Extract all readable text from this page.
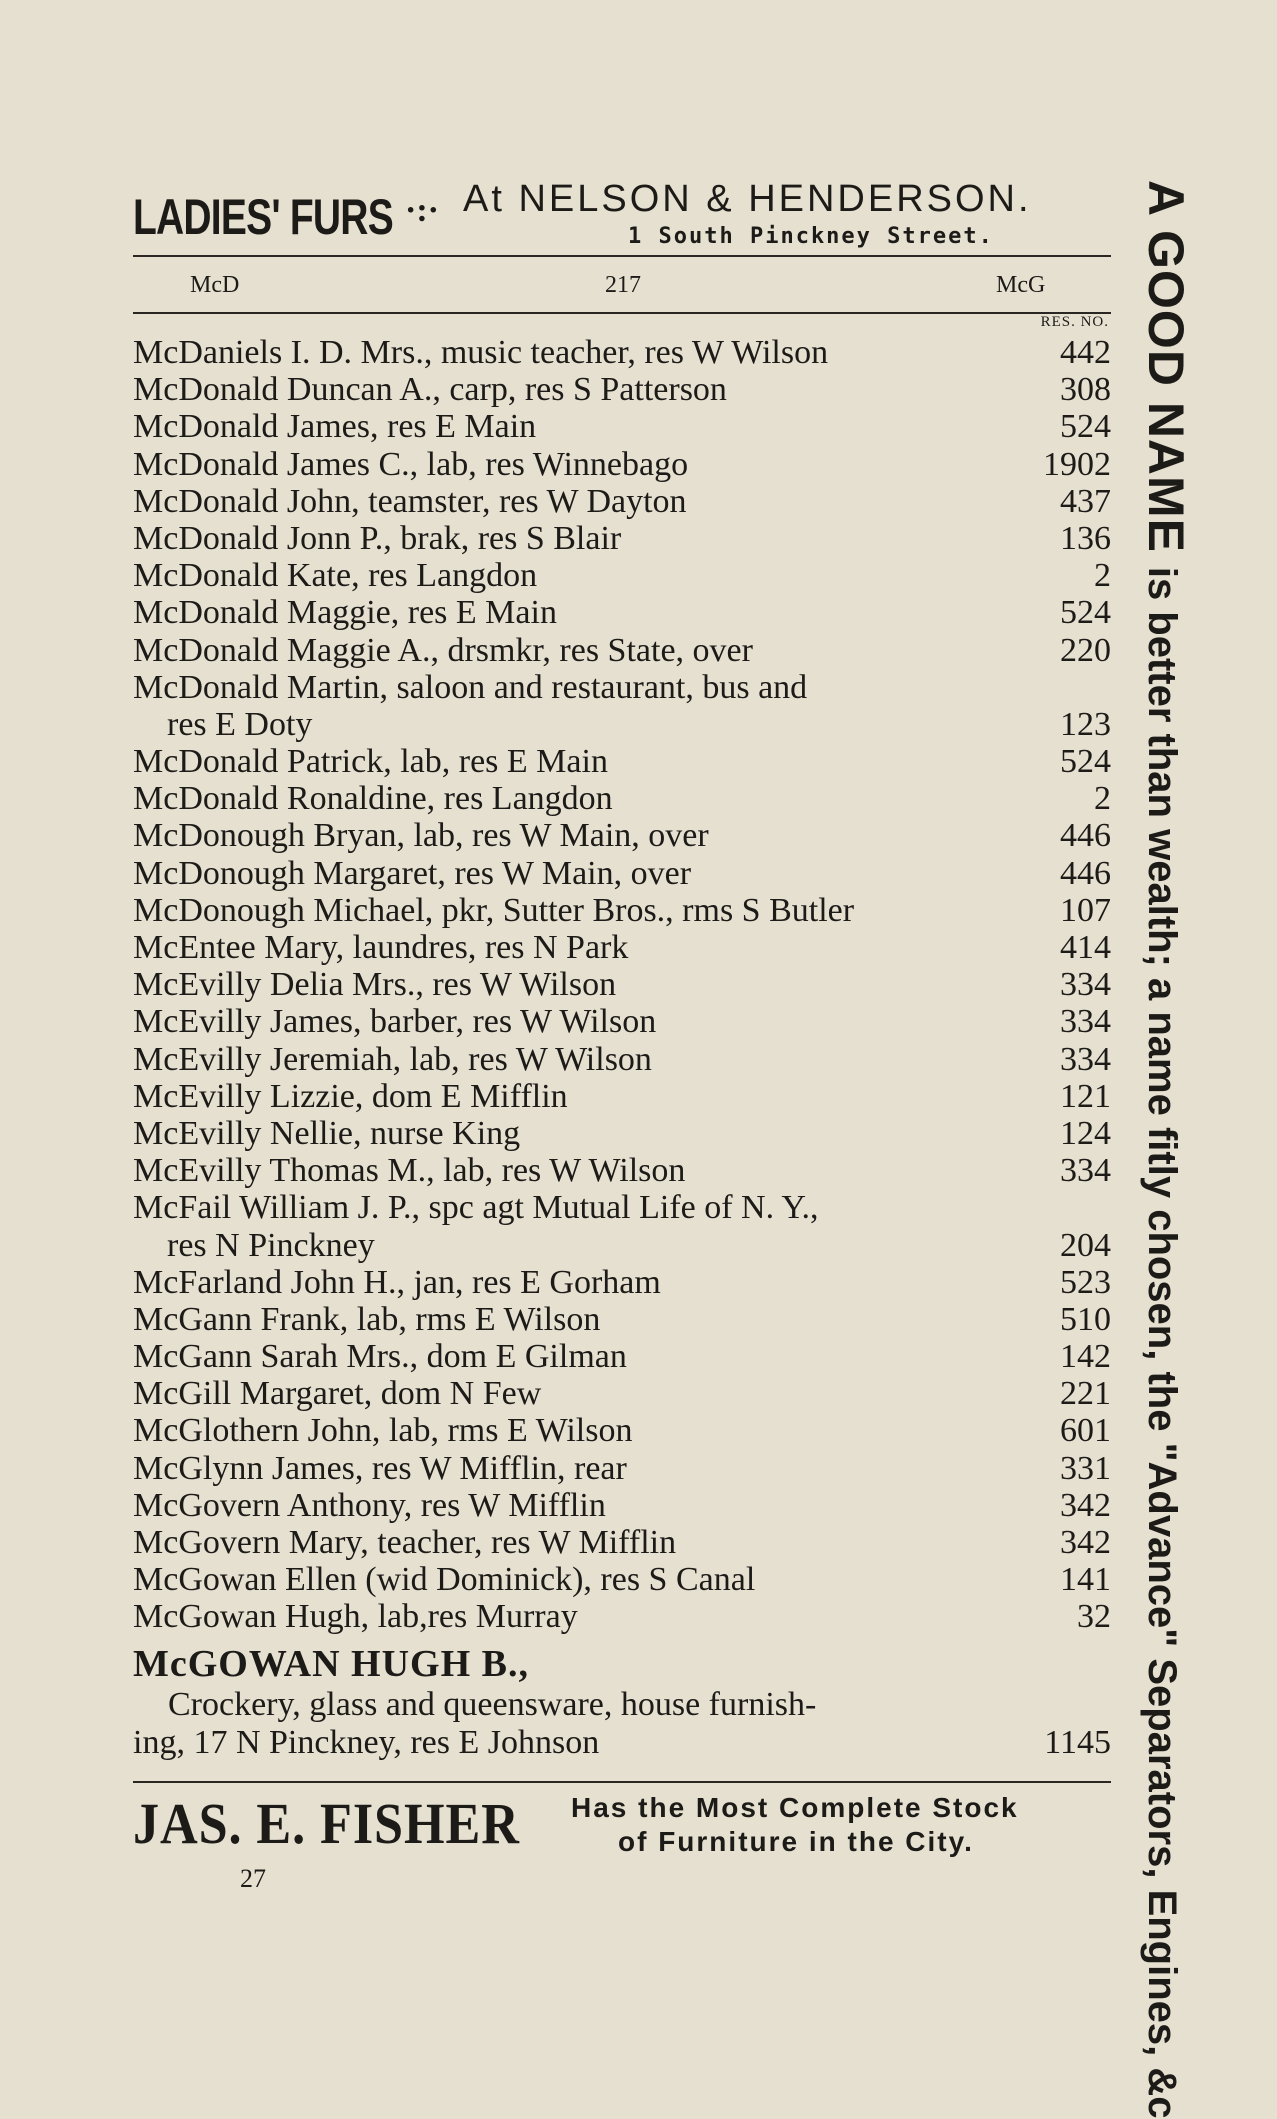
LADIES' FURS ·:· At NELSON & HENDERSON.
1 South Pinckney Street.
McD	217	McG
RES. NO.
McDaniels I. D. Mrs., music teacher, res W Wilson	442
McDonald Duncan A., carp, res S Patterson	308
McDonald James, res E Main	524
McDonald James C., lab, res Winnebago	1902
McDonald John, teamster, res W Dayton	437
McDonald Jonn P., brak, res S Blair	136
McDonald Kate, res Langdon	2
McDonald Maggie, res E Main	524
McDonald Maggie A., drsmkr, res State, over	220
McDonald Martin, saloon and restaurant, bus and
res E Doty	123
McDonald Patrick, lab, res E Main	524
McDonald Ronaldine, res Langdon	2
McDonough Bryan, lab, res W Main, over	446
McDonough Margaret, res W Main, over	446
McDonough Michael, pkr, Sutter Bros., rms S Butler	107
McEntee Mary, laundres, res N Park	414
McEvilly Delia Mrs., res W Wilson	334
McEvilly James, barber, res W Wilson	334
McEvilly Jeremiah, lab, res W Wilson	334
McEvilly Lizzie, dom E Mifflin	121
McEvilly Nellie, nurse King	124
McEvilly Thomas M., lab, res W Wilson	334
McFail William J. P., spc agt Mutual Life of N. Y.,
res N Pinckney	204
McFarland John H., jan, res E Gorham	523
McGann Frank, lab, rms E Wilson	510
McGann Sarah Mrs., dom E Gilman	142
McGill Margaret, dom N Few	221
McGlothern John, lab, rms E Wilson	601
McGlynn James, res W Mifflin, rear	331
McGovern Anthony, res W Mifflin	342
McGovern Mary, teacher, res W Mifflin	342
McGowan Ellen (wid Dominick), res S Canal	141
McGowan Hugh, lab,res Murray	32
McGOWAN HUGH B.,
Crockery, glass and queensware, house furnish-
ing, 17 N Pinckney, res E Johnson	1145
JAS. E. FISHER Has the Most Complete Stock
of Furniture in the City.
27
A GOOD NAME is better than wealth; a name fitly chosen, the "Advance" Separators, Engines, &c
